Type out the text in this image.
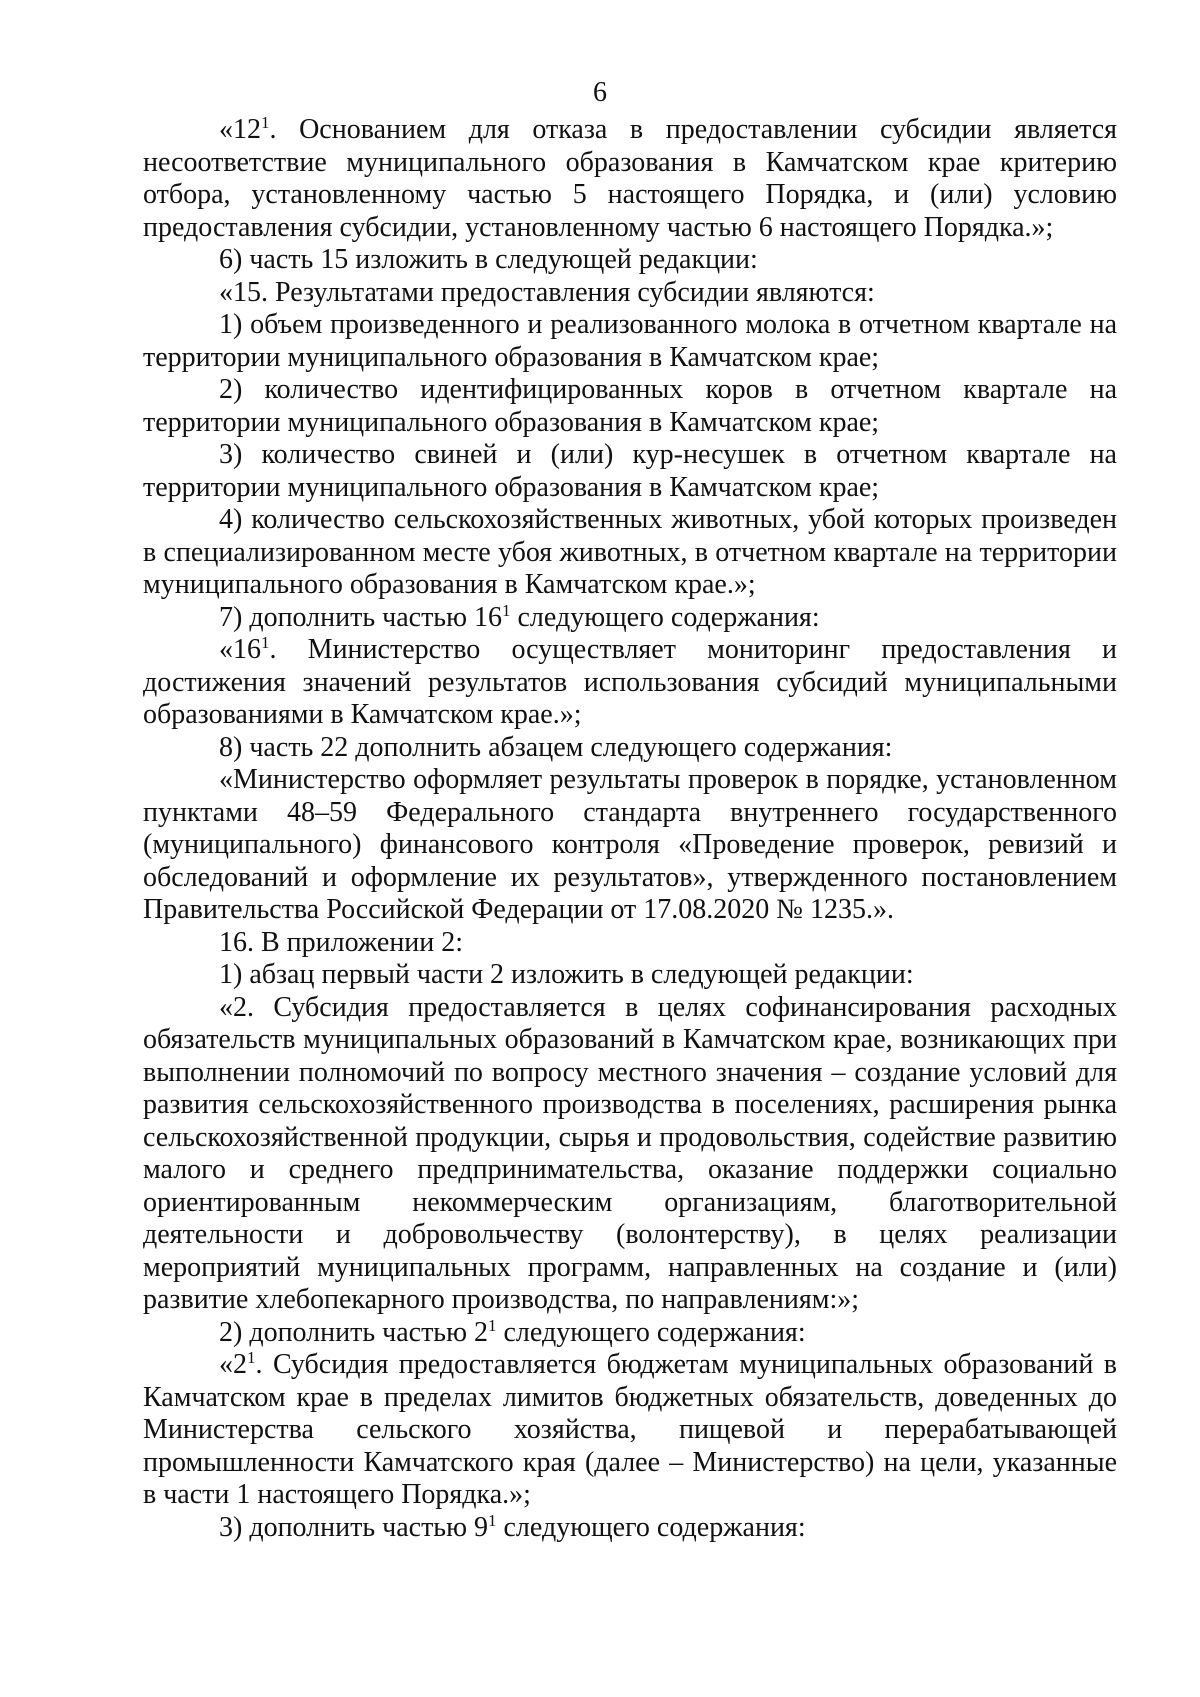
6

«$12^1$. Основанием для отказа в предоставлении субсидии является несоответствие муниципального образования в Камчатском крае критерию отбора, установленному частью 5 настоящего Порядка, и (или) условию предоставления субсидии, установленному частью 6 настоящего Порядка.»;

6) часть 15 изложить в следующей редакции:

«15. Результатами предоставления субсидии являются:

1) объем произведенного и реализованного молока в отчетном квартале на территории муниципального образования в Камчатском крае;

2) количество идентифицированных коров в отчетном квартале на территории муниципального образования в Камчатском крае;

3) количество свиней и (или) кур-несушек в отчетном квартале на территории муниципального образования в Камчатском крае;

4) количество сельскохозяйственных животных, убой которых произведен в специализированном месте убоя животных, в отчетном квартале на территории муниципального образования в Камчатском крае.»;

7) дополнить частью $16^1$ следующего содержания:

«$16^1$. Министерство осуществляет мониторинг предоставления и достижения значений результатов использования субсидий муниципальными образованиями в Камчатском крае.»;

8) часть 22 дополнить абзацем следующего содержания:

«Министерство оформляет результаты проверок в порядке, установленном пунктами 48–59 Федерального стандарта внутреннего государственного (муниципального) финансового контроля «Проведение проверок, ревизий и обследований и оформление их результатов», утвержденного постановлением Правительства Российской Федерации от 17.08.2020 № 1235.».

16. В приложении 2:

1) абзац первый части 2 изложить в следующей редакции:

«2. Субсидия предоставляется в целях софинансирования расходных обязательств муниципальных образований в Камчатском крае, возникающих при выполнении полномочий по вопросу местного значения – создание условий для развития сельскохозяйственного производства в поселениях, расширения рынка сельскохозяйственной продукции, сырья и продовольствия, содействие развитию малого и среднего предпринимательства, оказание поддержки социально ориентированным некоммерческим организациям, благотворительной деятельности и добровольчеству (волонтерству), в целях реализации мероприятий муниципальных программ, направленных на создание и (или) развитие хлебопекарного производства, по направлениям:»;

2) дополнить частью $2^1$ следующего содержания:

«$2^1$. Субсидия предоставляется бюджетам муниципальных образований в Камчатском крае в пределах лимитов бюджетных обязательств, доведенных до Министерства сельского хозяйства, пищевой и перерабатывающей промышленности Камчатского края (далее – Министерство) на цели, указанные в части 1 настоящего Порядка.»;

3) дополнить частью $9^1$ следующего содержания:
